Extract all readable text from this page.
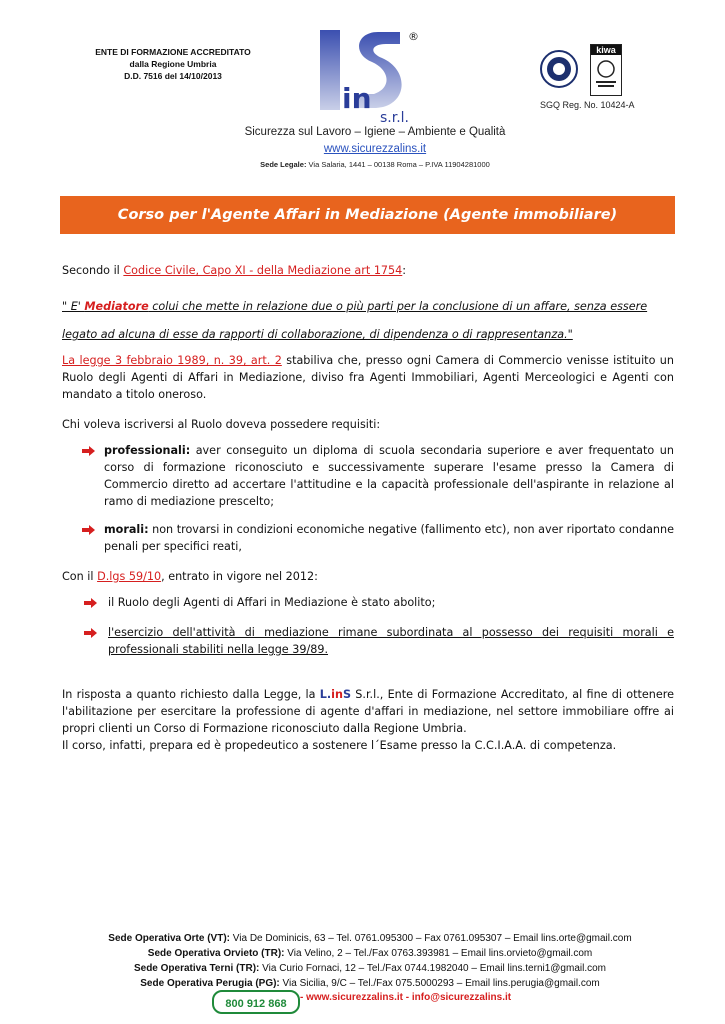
ENTE DI FORMAZIONE ACCREDITATO
dalla Regione Umbria
D.D. 7516 del 14/10/2013
in
s.r.l.
®
Sicurezza sul Lavoro – Igiene – Ambiente e Qualità
www.sicurezzalins.it
Sede Legale: Via Salaria, 1441 – 00138 Roma – P.IVA 11904281000
kiwa
SGQ Reg. No. 10424-A
Corso per l'Agente Affari in Mediazione (Agente immobiliare)
Secondo il Codice Civile, Capo XI - della Mediazione art 1754:
" E' Mediatore colui che mette in relazione due o più parti per la conclusione di un affare, senza essere
legato ad alcuna di esse da rapporti di collaborazione, di dipendenza o di rappresentanza."
La legge 3 febbraio 1989, n. 39, art. 2 stabiliva che, presso ogni Camera di Commercio venisse istituito un Ruolo degli Agenti di Affari in Mediazione, diviso fra Agenti Immobiliari, Agenti Merceologici e Agenti con mandato a titolo oneroso.
Chi voleva iscriversi al Ruolo doveva possedere requisiti:
professionali: aver conseguito un diploma di scuola secondaria superiore e aver frequentato un corso di formazione riconosciuto e successivamente superare l'esame presso la Camera di Commercio diretto ad accertare l'attitudine e la capacità professionale dell'aspirante in relazione al ramo di mediazione prescelto;
morali: non trovarsi in condizioni economiche negative (fallimento etc), non aver riportato condanne penali per specifici reati,
Con il D.lgs 59/10, entrato in vigore nel 2012:
il Ruolo degli Agenti di Affari in Mediazione è stato abolito;
l'esercizio dell'attività di mediazione rimane subordinata al possesso dei requisiti morali e professionali stabiliti nella legge 39/89.
In risposta a quanto richiesto dalla Legge, la L.inS S.r.l., Ente di Formazione Accreditato, al fine di ottenere l'abilitazione per esercitare la professione di agente d'affari in mediazione, nel settore immobiliare offre ai propri clienti un Corso di Formazione riconosciuto dalla Regione Umbria.
Il corso, infatti, prepara ed è propedeutico a sostenere l´Esame presso la C.C.I.A.A. di competenza.
Sede Operativa Orte (VT): Via De Dominicis, 63 – Tel. 0761.095300 – Fax 0761.095307 – Email lins.orte@gmail.com
Sede Operativa Orvieto (TR): Via Velino, 2 – Tel./Fax 0763.393981 – Email lins.orvieto@gmail.com
Sede Operativa Terni (TR): Via Curio Fornaci, 12 – Tel./Fax 0744.1982040 – Email lins.terni1@gmail.com
Sede Operativa Perugia (PG): Via Sicilia, 9/C – Tel./Fax 075.5000293 – Email lins.perugia@gmail.com
800 912 868
- www.sicurezzalins.it - info@sicurezzalins.it
